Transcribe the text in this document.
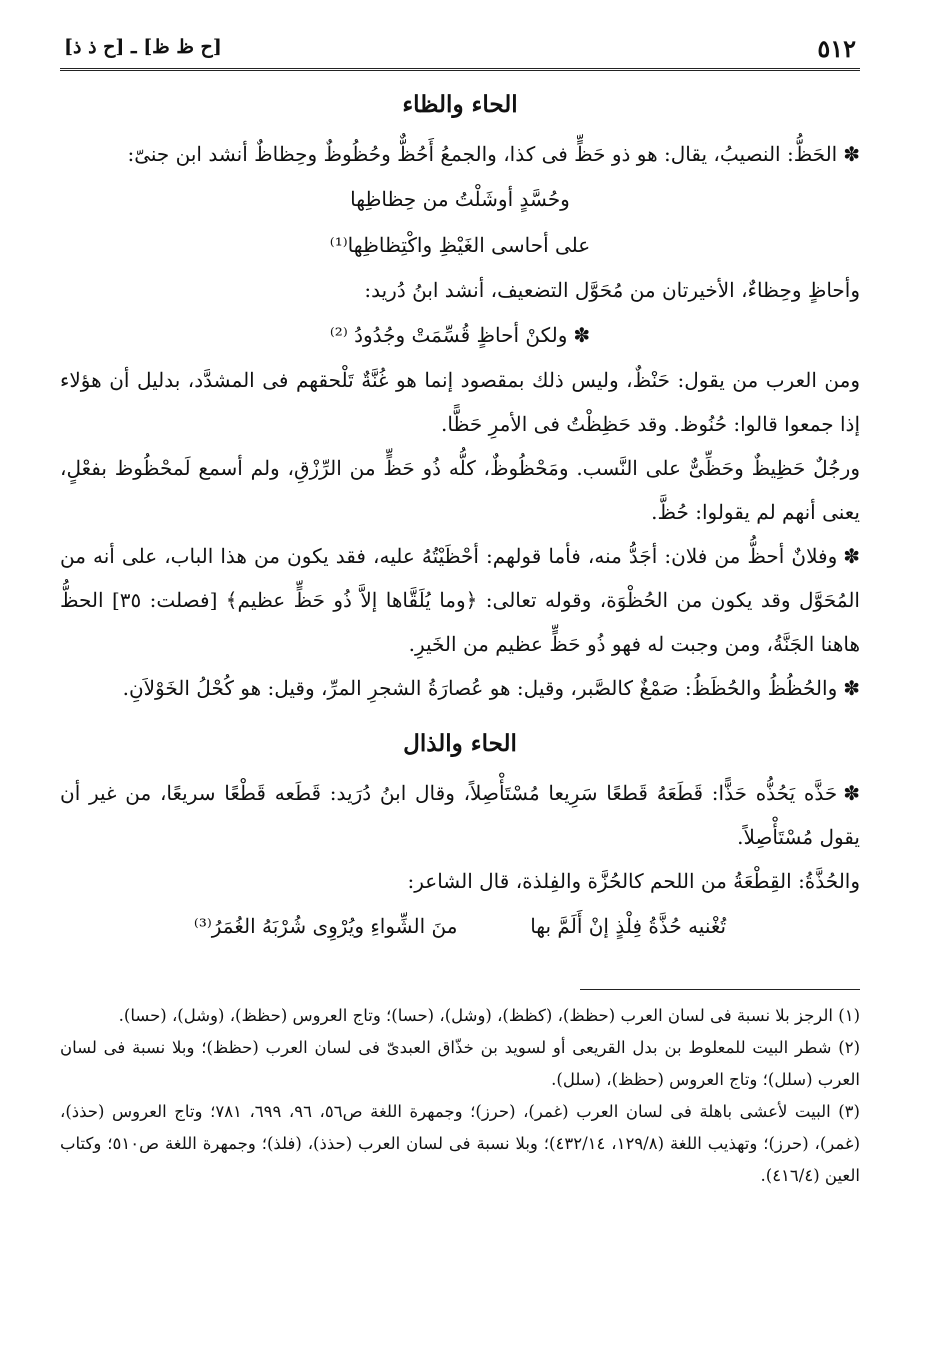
٥١٢
[ح ظ ظ] ـ [ح ذ ذ]
الحاء والظاء

✽الحَظُّ: النصيبُ، يقال: هو ذو حَظٍّ فى كذا، والجمعُ أَحُظٌّ وحُظُوظٌ وحِظاظٌ أنشد ابن جنىّ:

وحُسَّدٍ أوشَلْتُ من حِظاظِها
على أحاسى الغَيْظِ واكْتِظاظِها⁽¹⁾

وأحاظٍ وحِظاءٌ، الأخيرتان من مُحَوَّل التضعيف، أنشد ابنُ دُريد:

✽ولكنْ أحاظٍ قُسِّمَتْ وجُدُودُ ⁽²⁾

ومن العرب من يقول: حَنْظٌ، وليس ذلك بمقصود إنما هو غُنَّةٌ تَلْحقهم فى المشدَّد، بدليل أن هؤلاء إذا جمعوا قالوا: حُنُوظ. وقد حَظِظْتُ فى الأمرِ حَظًّا.

ورجُلٌ حَظِيظٌ وحَظِّىٌّ على النَّسب. ومَحْظُوظٌ، كلُّه ذُو حَظٍّ من الرِّزْقِ، ولم أسمع لَمحْظُوظ بفعْلٍ، يعنى أنهم لم يقولوا: حُظَّ.

✽وفلانٌ أحظُّ من فلان: أجَدُّ منه، فأما قولهم: أحْظَيْتُهُ عليه، فقد يكون من هذا الباب، على أنه من المُحَوَّل وقد يكون من الحُظْوَة، وقوله تعالى: ﴿وما يُلَقَّاها إلاَّ ذُو حَظٍّ عظيم﴾ [فصلت: ٣٥] الحظُّ هاهنا الجَنَّةُ، ومن وجبت له فهو ذُو حَظٍّ عظيم من الخَيرِ.

✽والحُظُظُ والحُظَظُ: صَمْغٌ كالصَّبر، وقيل: هو عُصارَةُ الشجرِ المرِّ، وقيل: هو كُحْلُ الخَوْلاَنِ.

الحاء والذال

✽حَذَّه يَحُذُّه حَذًّا: قَطَعَهُ قَطعًا سَرِيعا مُسْتَأْصِلاً، وقال ابنُ دُرَيد: قَطَعه قَطْعًا سريعًا، من غير أن يقول مُسْتَأْصِلاً.

والحُذَّةُ: القِطْعَةُ من اللحم كالحُزَّة والفِلذة، قال الشاعر:

تُغْنيه حُذَّةُ فِلْذٍ إنْ أَلَمَّ بها  منَ الشِّواءِ ويُرْوِى شُرْبَهُ الغُمَرُ⁽³⁾

(١) الرجز بلا نسبة فى لسان العرب (حظظ)، (كظظ)، (وشل)، (حسا)؛ وتاج العروس (حظظ)، (وشل)، (حسا).

(٢) شطر البيت للمعلوط بن بدل القريعى أو لسويد بن خذّاق العبدىّ فى لسان العرب (حظظ)؛ وبلا نسبة فى لسان العرب (سلل)؛ وتاج العروس (حظظ)، (سلل).

(٣) البيت لأعشى باهلة فى لسان العرب (غمر)، (حرز)؛ وجمهرة اللغة ص٥٦، ٩٦، ٦٩٩، ٧٨١؛ وتاج العروس (حذذ)، (غمر)، (حرز)؛ وتهذيب اللغة (١٢٩/٨، ٤٣٢/١٤)؛ وبلا نسبة فى لسان العرب (حذذ)، (فلذ)؛ وجمهرة اللغة ص٥١٠؛ وكتاب العين (٤١٦/٤).
